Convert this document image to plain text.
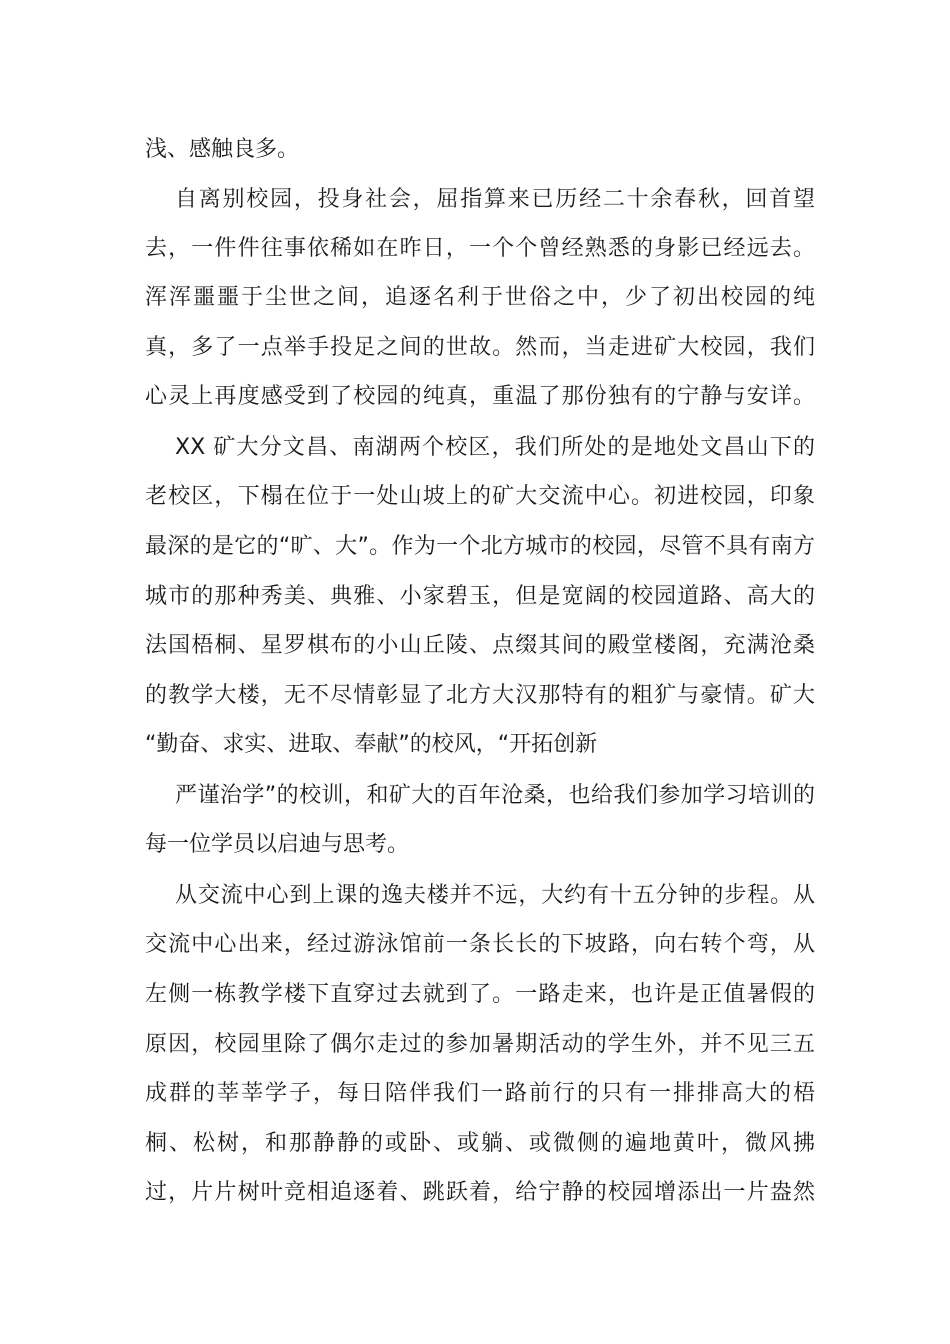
浅、感触良多。
自离别校园，投身社会，屈指算来已历经二十余春秋，回首望
去，一件件往事依稀如在昨日，一个个曾经熟悉的身影已经远去。
浑浑噩噩于尘世之间，追逐名利于世俗之中，少了初出校园的纯
真，多了一点举手投足之间的世故。然而，当走进矿大校园，我们
心灵上再度感受到了校园的纯真，重温了那份独有的宁静与安详。
XX 矿大分文昌、南湖两个校区，我们所处的是地处文昌山下的
老校区，下榻在位于一处山坡上的矿大交流中心。初进校园，印象
最深的是它的“旷、大”。作为一个北方城市的校园，尽管不具有南方
城市的那种秀美、典雅、小家碧玉，但是宽阔的校园道路、高大的
法国梧桐、星罗棋布的小山丘陵、点缀其间的殿堂楼阁，充满沧桑
的教学大楼，无不尽情彰显了北方大汉那特有的粗犷与豪情。矿大
“勤奋、求实、进取、奉献”的校风，“开拓创新
严谨治学”的校训，和矿大的百年沧桑，也给我们参加学习培训的
每一位学员以启迪与思考。
从交流中心到上课的逸夫楼并不远，大约有十五分钟的步程。从
交流中心出来，经过游泳馆前一条长长的下坡路，向右转个弯，从
左侧一栋教学楼下直穿过去就到了。一路走来，也许是正值暑假的
原因，校园里除了偶尔走过的参加暑期活动的学生外，并不见三五
成群的莘莘学子，每日陪伴我们一路前行的只有一排排高大的梧
桐、松树，和那静静的或卧、或躺、或微侧的遍地黄叶，微风拂
过，片片树叶竞相追逐着、跳跃着，给宁静的校园增添出一片盎然
